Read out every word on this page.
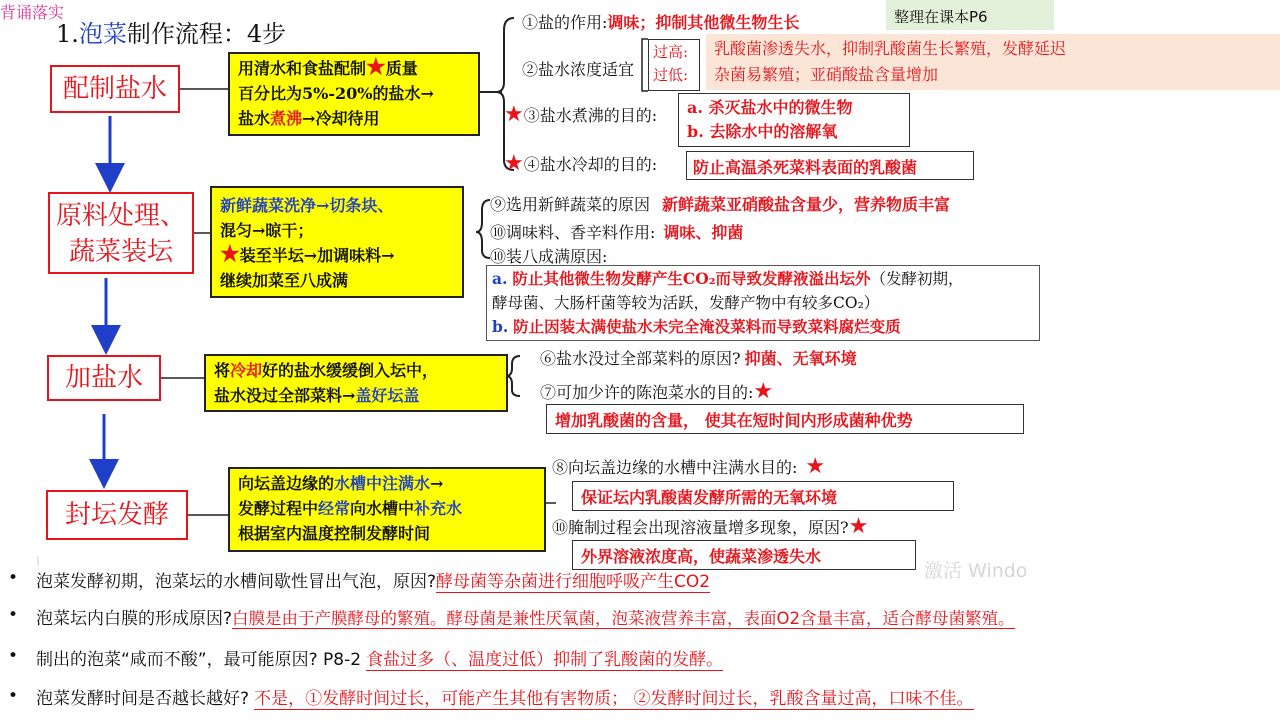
背诵落实
1.泡菜制作流程：4步
整理在课本P6
配制盐水
原料处理、
蔬菜装坛
加盐水
封坛发酵
用清水和食盐配制★质量
百分比为5%-20%的盐水→
盐水煮沸→冷却待用
新鲜蔬菜洗净→切条块、
混匀→晾干；
★装至半坛→加调味料→
继续加菜至八成满
将冷却好的盐水缓缓倒入坛中，
盐水没过全部菜料→盖好坛盖
向坛盖边缘的水槽中注满水→
发酵过程中经常向水槽中补充水
根据室内温度控制发酵时间
①盐的作用:调味；抑制其他微生物生长
②盐水浓度适宜
过高:
过低:
乳酸菌渗透失水，抑制乳酸菌生长繁殖，发酵延迟
杂菌易繁殖；亚硝酸盐含量增加
★③盐水煮沸的目的: a. 杀灭盐水中的微生物
b. 去除水中的溶解氧
★④盐水冷却的目的:	防止高温杀死菜料表面的乳酸菌
⑨选用新鲜蔬菜的原因 新鲜蔬菜亚硝酸盐含量少，营养物质丰富
⑩调味料、香辛料作用: 调味、抑菌
⑩装八成满原因:
a. 防止其他微生物发酵产生CO₂而导致发酵液溢出坛外（发酵初期，
酵母菌、大肠杆菌等较为活跃，发酵产物中有较多CO₂）
b. 防止因装太满使盐水未完全淹没菜料而导致菜料腐烂变质
⑥盐水没过全部菜料的原因? 抑菌、无氧环境
⑦可加少许的陈泡菜水的目的:★
增加乳酸菌的含量， 使其在短时间内形成菌种优势
⑧向坛盖边缘的水槽中注满水目的: ★
保证坛内乳酸菌发酵所需的无氧环境
⑩腌制过程会出现溶液量增多现象，原因?★
外界溶液浓度高，使蔬菜渗透失水
激活 Windo
• 泡菜发酵初期，泡菜坛的水槽间歇性冒出气泡，原因?酵母菌等杂菌进行细胞呼吸产生CO2
• 泡菜坛内白膜的形成原因?白膜是由于产膜酵母的繁殖。酵母菌是兼性厌氧菌，泡菜液营养丰富，表面O2含量丰富，适合酵母菌繁殖。
• 制出的泡菜“咸而不酸”，最可能原因? P8-2 食盐过多（、温度过低）抑制了乳酸菌的发酵。
• 泡菜发酵时间是否越长越好? 不是，①发酵时间过长，可能产生其他有害物质； ②发酵时间过长，乳酸含量过高，口味不佳。
